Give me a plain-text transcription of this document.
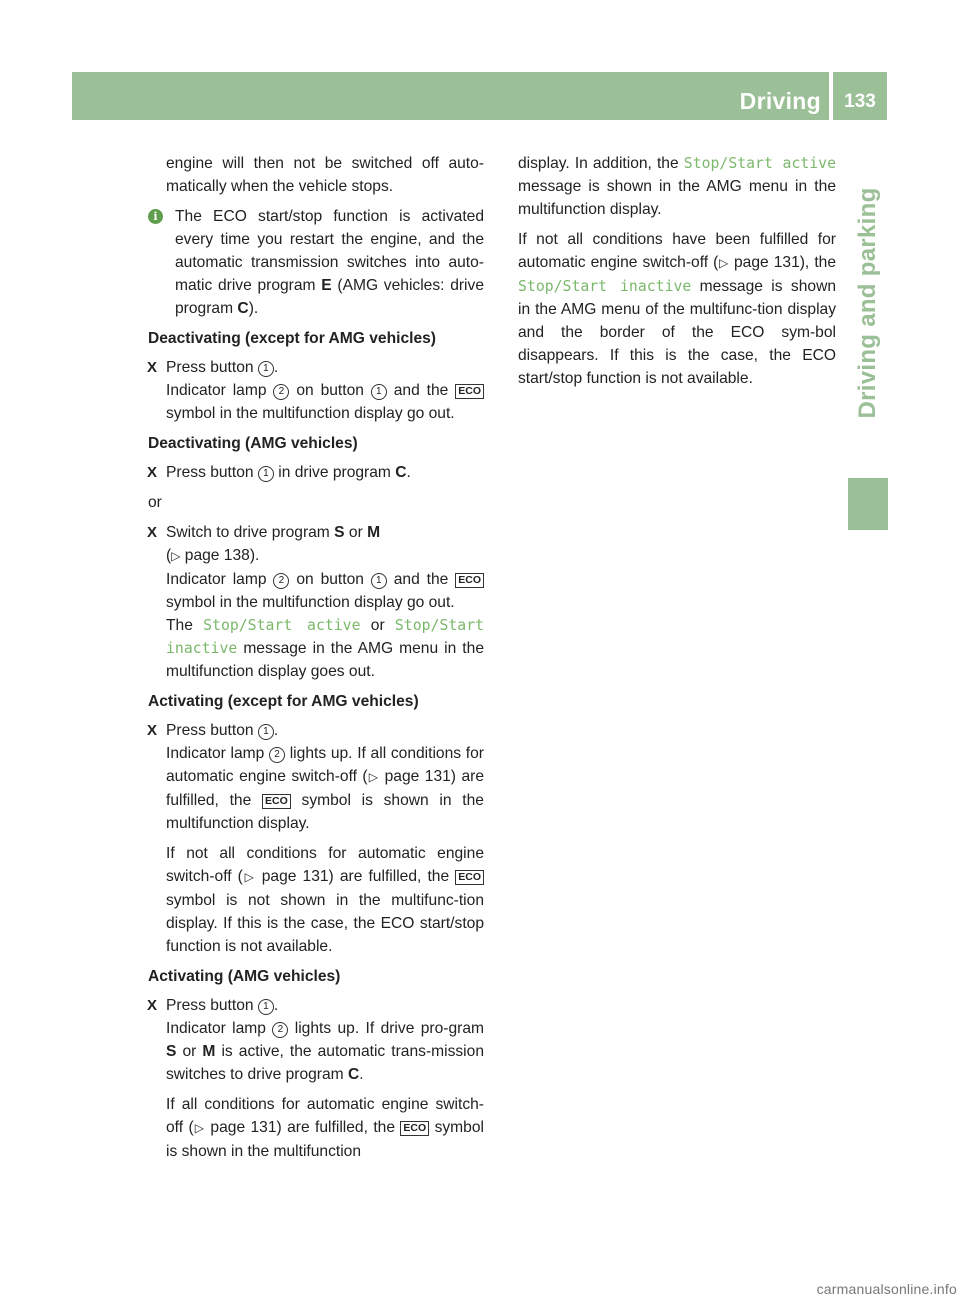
Driving	133
Driving and parking
engine will then not be switched off auto-matically when the vehicle stops.
i	The ECO start/stop function is activated every time you restart the engine, and the automatic transmission switches into auto-matic drive program E (AMG vehicles: drive program C).
Deactivating (except for AMG vehicles)
X Press button 1 .
Indicator lamp 2 on button 1 and the ECO symbol in the multifunction display go out.
Deactivating (AMG vehicles)
X Press button 1 in drive program C.
or
X Switch to drive program S or M
(▷ page 138).
Indicator lamp 2 on button 1 and the ECO symbol in the multifunction display go out.
The Stop/Start active or Stop/Start inactive message in the AMG menu in the multifunction display goes out.
Activating (except for AMG vehicles)
X Press button 1 .
Indicator lamp 2 lights up. If all conditions for automatic engine switch-off (▷ page 131) are fulfilled, the ECO symbol is shown in the multifunction display.
If not all conditions for automatic engine switch-off (▷ page 131) are fulfilled, the ECO symbol is not shown in the multifunc-tion display. If this is the case, the ECO start/stop function is not available.
Activating (AMG vehicles)
X Press button 1 .
Indicator lamp 2 lights up. If drive pro-gram S or M is active, the automatic trans-mission switches to drive program C.
If all conditions for automatic engine switch-off (▷ page 131) are fulfilled, the ECO symbol is shown in the multifunction
display. In addition, the Stop/Start active message is shown in the AMG menu in the multifunction display.
If not all conditions have been fulfilled for automatic engine switch-off (▷ page 131), the Stop/Start inactive message is shown in the AMG menu of the multifunc-tion display and the border of the ECO sym-bol disappears. If this is the case, the ECO start/stop function is not available.
carmanualsonline.info
